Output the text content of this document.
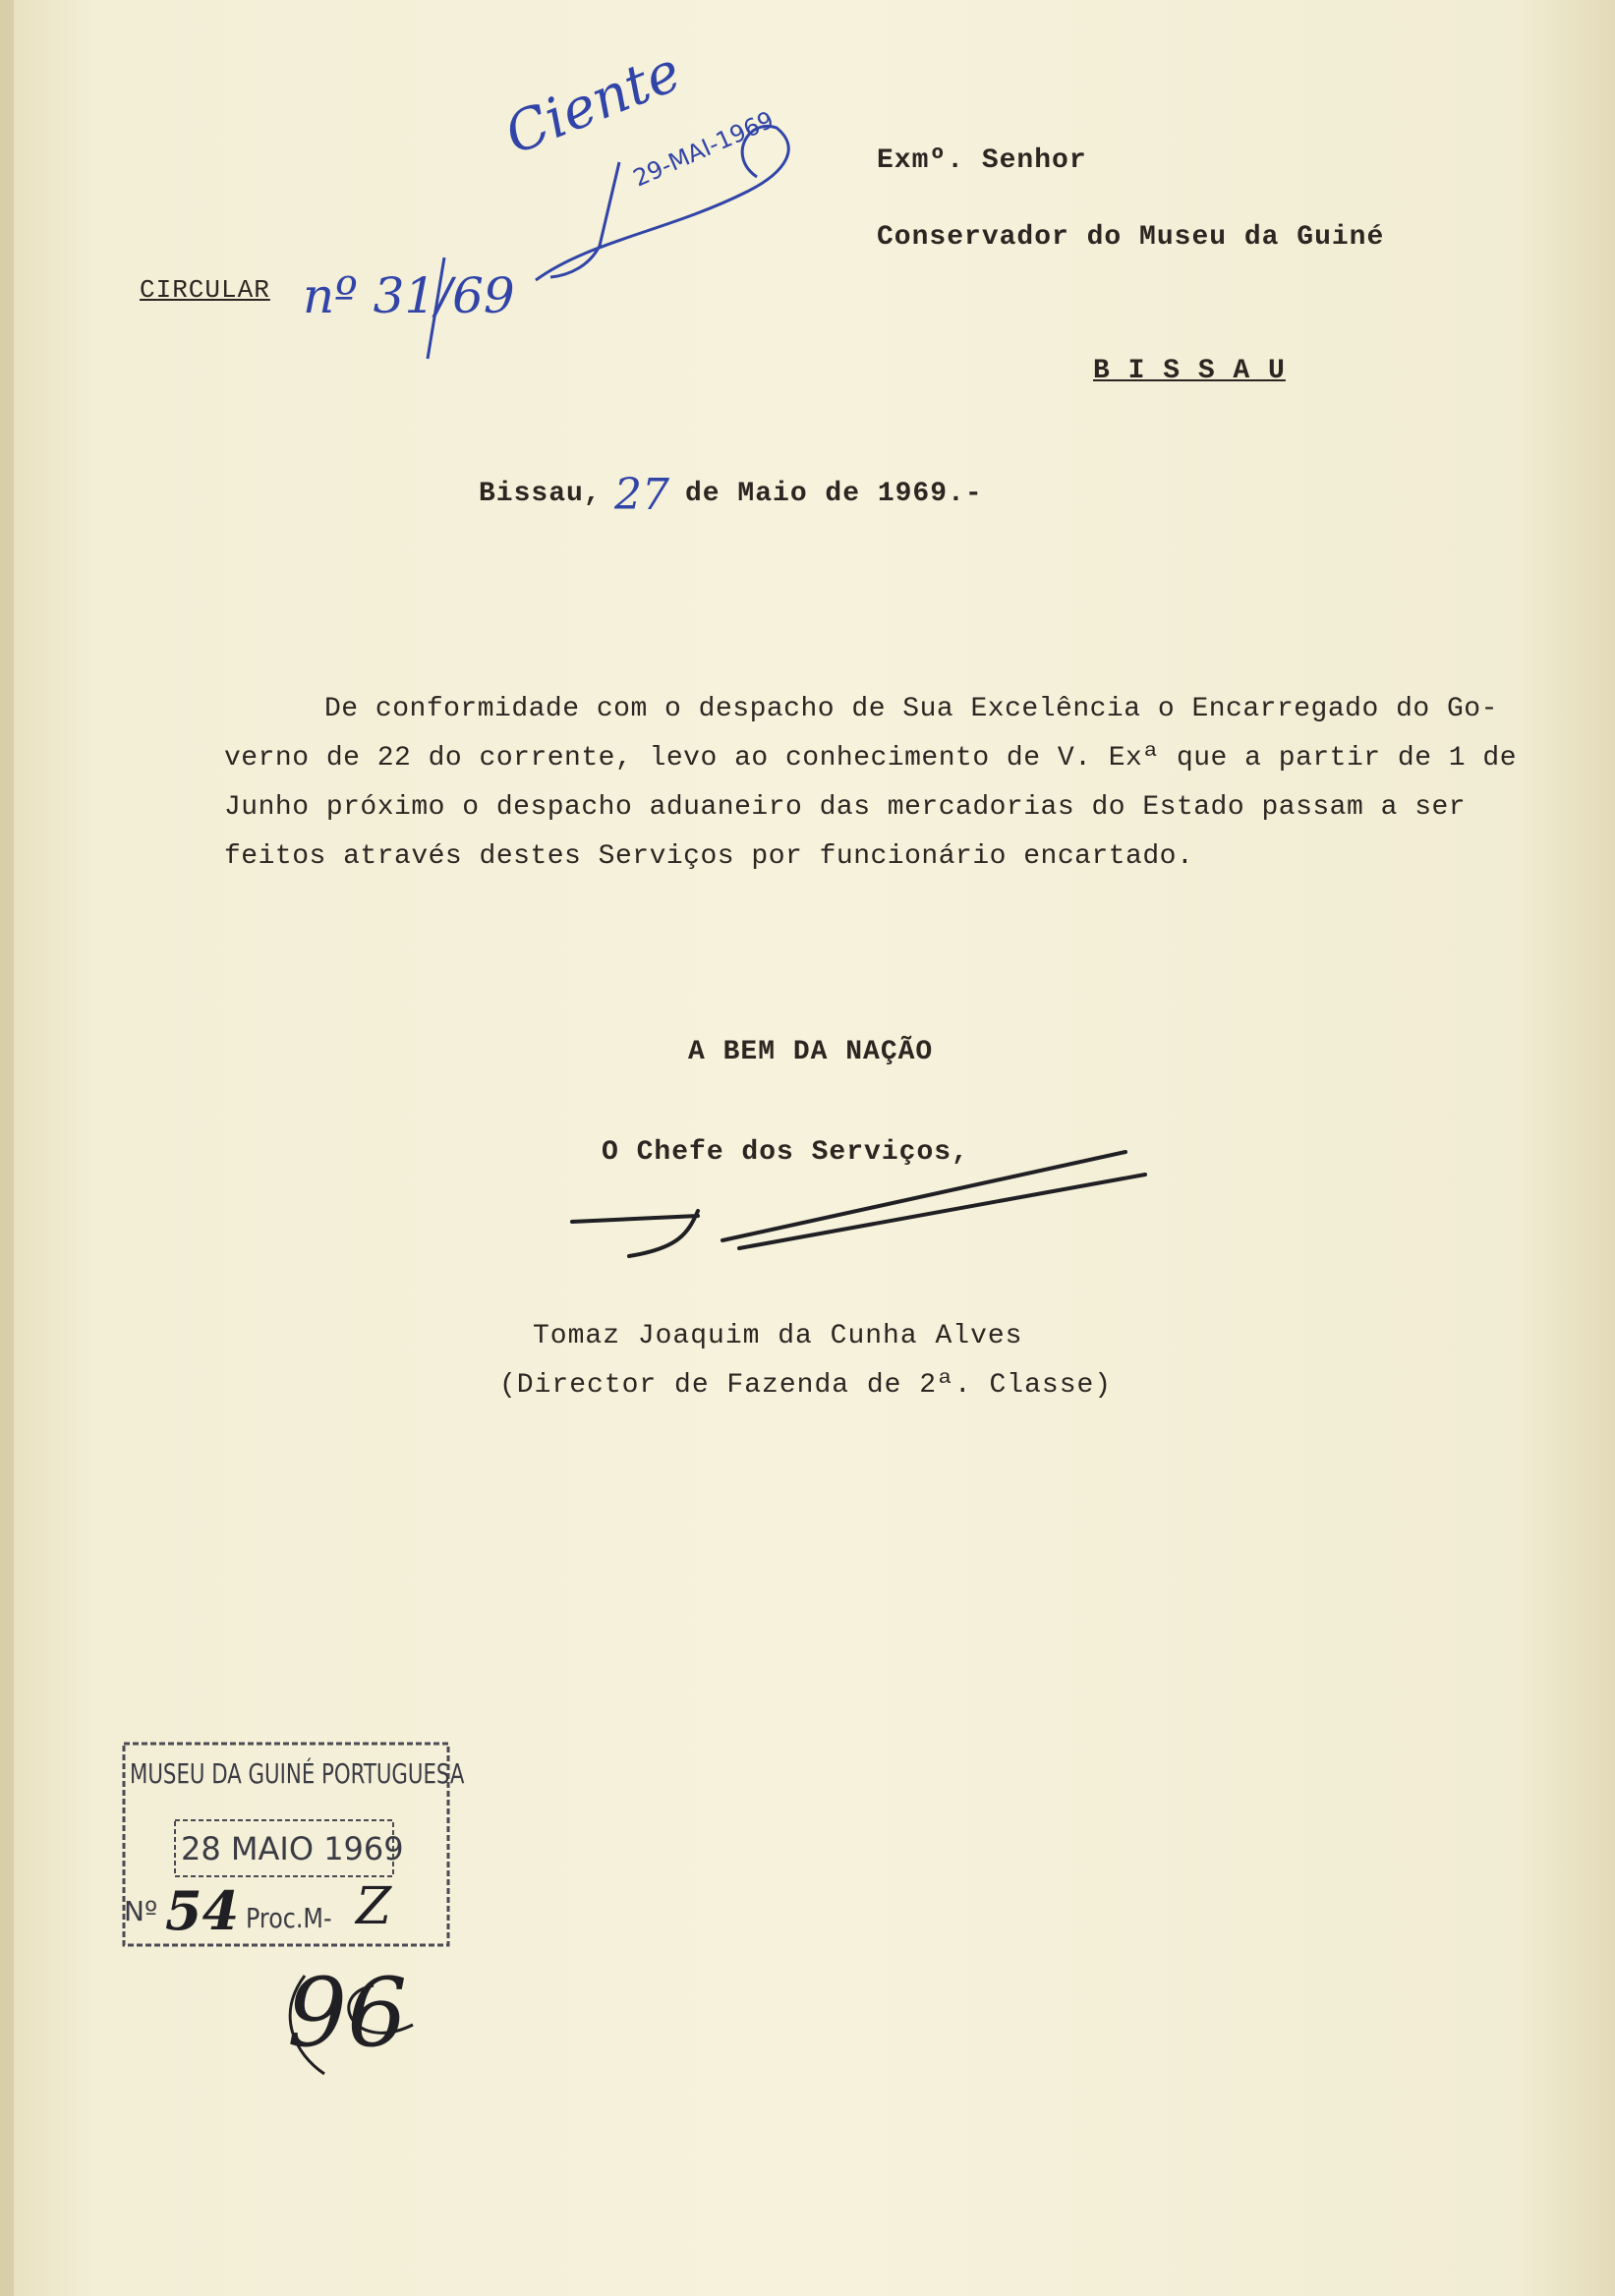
Ciente
29-MAI-1969
nº 31/69
CIRCULAR
Exmº. Senhor
Conservador do Museu da Guiné
B I S S A U
Bissau, 27 de Maio de 1969.-
De conformidade com o despacho de Sua Excelência o Encarregado do Go-
verno de 22 do corrente, levo ao conhecimento de V. Exª que a partir de 1 de
Junho próximo o despacho aduaneiro das mercadorias do Estado passam a ser
feitos através destes Serviços por funcionário encartado.
A BEM DA NAÇÃO
O Chefe dos Serviços,
Tomaz Joaquim da Cunha Alves
(Director de Fazenda de 2ª. Classe)
MUSEU DA GUINÉ PORTUGUESA
28 MAIO 1969
Nº 54 Proc.M- Z
96
